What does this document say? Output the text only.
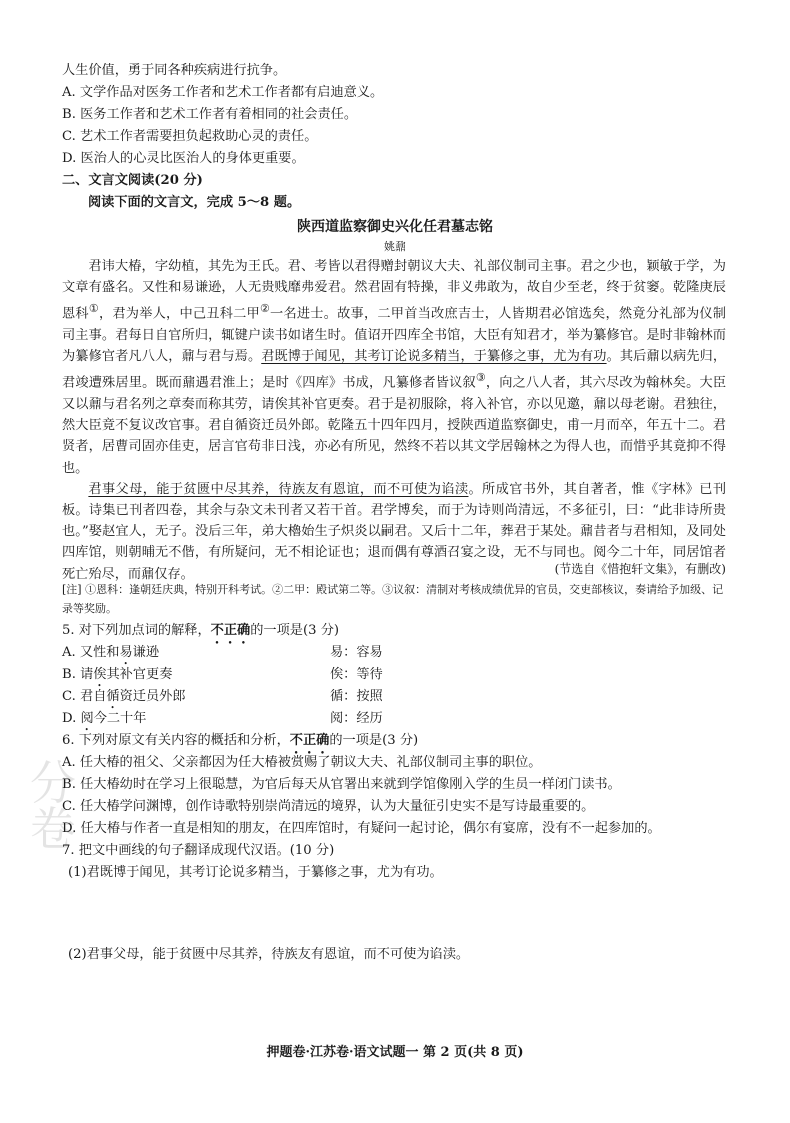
分
卷
人生价值，勇于同各种疾病进行抗争。
A. 文学作品对医务工作者和艺术工作者都有启迪意义。
B. 医务工作者和艺术工作者有着相同的社会责任。
C. 艺术工作者需要担负起救助心灵的责任。
D. 医治人的心灵比医治人的身体更重要。
二、文言文阅读(20 分)
阅读下面的文言文，完成 5～8 题。
陕西道监察御史兴化任君墓志铭
姚鼐

君讳大椿，字幼植，其先为王氏。君、考皆以君得赠封朝议大夫、礼部仪制司主事。君之少也，颖敏于学，为文章有盛名。又性和易谦逊，人无贵贱靡弗爱君。然君固有特操，非义弗敢为，故自少至老，终于贫窭。乾隆庚辰恩科①，君为举人，中己丑科二甲②一名进士。故事，二甲首当改庶吉士，人皆期君必馆选矣，然竟分礼部为仪制司主事。君每日自官所归，辄键户读书如诸生时。值诏开四库全书馆，大臣有知君才，举为纂修官。是时非翰林而为纂修官者凡八人，鼐与君与焉。君既博于闻见，其考订论说多精当，于纂修之事，尤为有功。其后鼐以病先归，君竣遭殊居里。既而鼐遇君淮上；是时《四库》书成，凡纂修者皆议叙③，向之八人者，其六尽改为翰林矣。大臣又以鼐与君名列之章奏而称其劳，请俟其补官更奏。君于是初服除，将入补官，亦以见邀，鼐以母老谢。君独往，然大臣竟不复议改官事。君自循资迁员外郎。乾隆五十四年四月，授陕西道监察御史，甫一月而卒，年五十二。君贤者，居曹司固亦佳吏，居言官苟非日浅，亦必有所见，然终不若以其文学居翰林之为得人也，而惜乎其竟抑不得也。

君事父母，能于贫匮中尽其养，待族友有恩谊，而不可使为谄渎。所成官书外，其自著者，惟《字林》已刊板。诗集已刊者四卷，其余与杂文未刊者又若干首。君学博矣，而于为诗则尚清远，不多征引，曰：“此非诗所贵也。”娶赵宜人，无子。没后三年，弟大櫓始生子炽炎以嗣君。又后十二年，葬君于某处。鼐昔者与君相知，及同处四库馆，则朝晡无不偕，有所疑问，无不相论证也；退而偶有尊酒召宴之设，无不与同也。阅今二十年，同居馆者死亡殆尽，而鼐仅存。	(节选自《惜抱轩文集》，有删改)
[注] ①恩科：逢朝廷庆典，特别开科考试。②二甲：殿试第二等。③议叙：清制对考核成绩优异的官员，交吏部核议，奏请给予加级、记录等奖励。
5. 对下列加点词的解释，不正确的一项是(3 分)
A. 又性和易谦逊	易：容易
B. 请俟其补官更奏	俟：等待
C. 君自循资迁员外郎	循：按照
D. 阅今二十年	阅：经历
6. 下列对原文有关内容的概括和分析，不正确的一项是(3 分)
A. 任大椿的祖父、父亲都因为任大椿被赏赐了朝议大夫、礼部仪制司主事的职位。
B. 任大椿幼时在学习上很聪慧，为官后每天从官署出来就到学馆像刚入学的生员一样闭门读书。
C. 任大椿学问渊博，创作诗歌特别崇尚清远的境界，认为大量征引史实不是写诗最重要的。
D. 任大椿与作者一直是相知的朋友，在四库馆时，有疑问一起讨论，偶尔有宴席，没有不一起参加的。
7. 把文中画线的句子翻译成现代汉语。(10 分)
(1)君既博于闻见，其考订论说多精当，于纂修之事，尤为有功。
(2)君事父母，能于贫匮中尽其养，待族友有恩谊，而不可使为谄渎。
押题卷·江苏卷·语文试题一 第 2 页(共 8 页)
